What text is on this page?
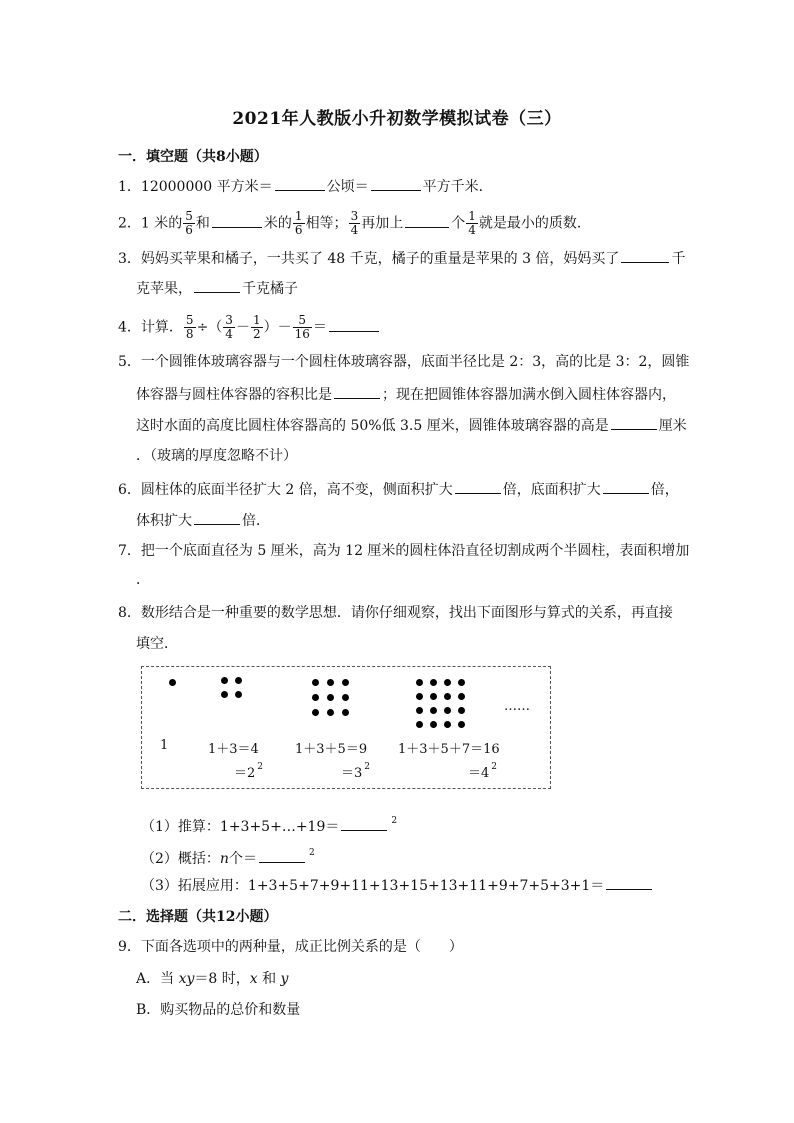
2021年人教版小升初数学模拟试卷（三）
一．填空题（共8小题）
1．12000000 平方米＝	公顷＝	平方千米．
2．1 米的 $\frac{5}{6}$ 和	米的 $\frac{1}{6}$ 相等； $\frac{3}{4}$ 再加上	个 $\frac{1}{4}$ 就是最小的质数．
3．妈妈买苹果和橘子，一共买了 48 千克，橘子的重量是苹果的 3 倍，妈妈买了	千
克苹果，	千克橘子
4．计算． $\frac{5}{8}$ ÷（ $\frac{3}{4} - \frac{1}{2}$ ）－ $\frac{5}{16}$ ＝
5．一个圆锥体玻璃容器与一个圆柱体玻璃容器，底面半径比是 2：3，高的比是 3：2，圆锥
体容器与圆柱体容器的容积比是	；现在把圆锥体容器加满水倒入圆柱体容器内，
这时水面的高度比圆柱体容器高的 50%低 3.5 厘米，圆锥体玻璃容器的高是	厘米
．（玻璃的厚度忽略不计）
6．圆柱体的底面半径扩大 2 倍，高不变，侧面积扩大	倍，底面积扩大	倍，
体积扩大	倍．
7．把一个底面直径为 5 厘米，高为 12 厘米的圆柱体沿直径切割成两个半圆柱，表面积增加
．
8．数形结合是一种重要的数学思想．请你仔细观察，找出下面图形与算式的关系，再直接
填空．
……
1	1＋3＝4
＝2 $^2$
1＋3＋5＝9
＝3 $^2$
1＋3＋5＋7＝16
＝4 $^2$
（1）推算：1+3+5+…+19＝	$^2$
（2）概括：n个＝	$^2$
（3）拓展应用：1+3+5+7+9+11+13+15+13+11+9+7+5+3+1＝
二．选择题（共12小题）
9．下面各选项中的两种量，成正比例关系的是（　　）
A．当 xy＝8 时，x 和 y
B．购买物品的总价和数量
